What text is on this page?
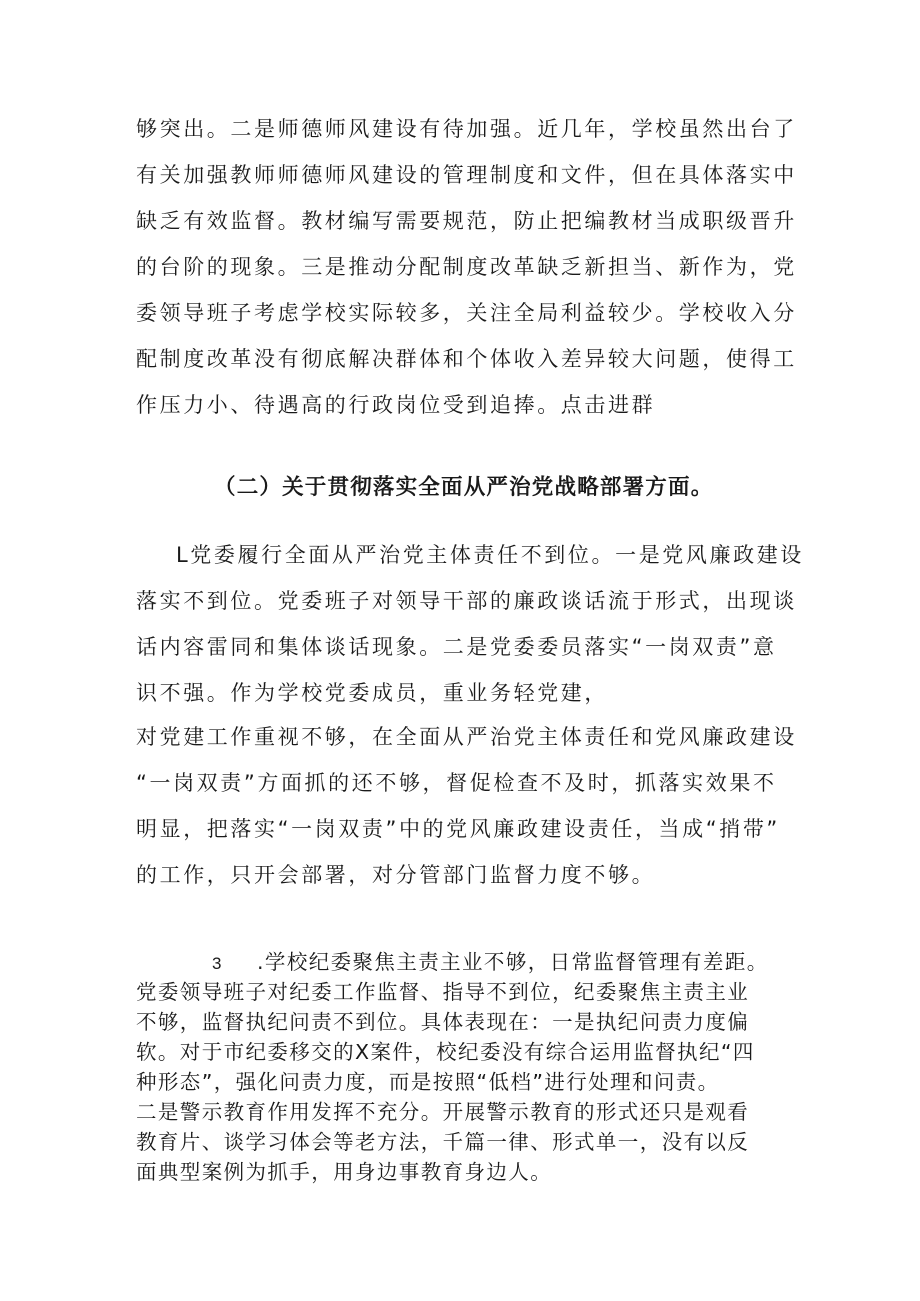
够突出。二是师德师风建设有待加强。近几年，学校虽然出台了
有关加强教师师德师风建设的管理制度和文件，但在具体落实中
缺乏有效监督。教材编写需要规范，防止把编教材当成职级晋升
的台阶的现象。三是推动分配制度改革缺乏新担当、新作为，党
委领导班子考虑学校实际较多，关注全局利益较少。学校收入分
配制度改革没有彻底解决群体和个体收入差异较大问题，使得工
作压力小、待遇高的行政岗位受到追捧。点击进群
（二）关于贯彻落实全面从严治党战略部署方面。
L党委履行全面从严治党主体责任不到位。一是党风廉政建设
落实不到位。党委班子对领导干部的廉政谈话流于形式，出现谈
话内容雷同和集体谈话现象。二是党委委员落实“一岗双责”意
识不强。作为学校党委成员，重业务轻党建，
对党建工作重视不够，在全面从严治党主体责任和党风廉政建设
“一岗双责”方面抓的还不够，督促检查不及时，抓落实效果不
明显，把落实“一岗双责”中的党风廉政建设责任，当成“捎带”
的工作，只开会部署，对分管部门监督力度不够。
3 .学校纪委聚焦主责主业不够，日常监督管理有差距。
党委领导班子对纪委工作监督、指导不到位，纪委聚焦主责主业
不够，监督执纪问责不到位。具体表现在：一是执纪问责力度偏
软。对于市纪委移交的X案件，校纪委没有综合运用监督执纪“四
种形态”，强化问责力度，而是按照“低档”进行处理和问责。
二是警示教育作用发挥不充分。开展警示教育的形式还只是观看
教育片、谈学习体会等老方法，千篇一律、形式单一，没有以反
面典型案例为抓手，用身边事教育身边人。
